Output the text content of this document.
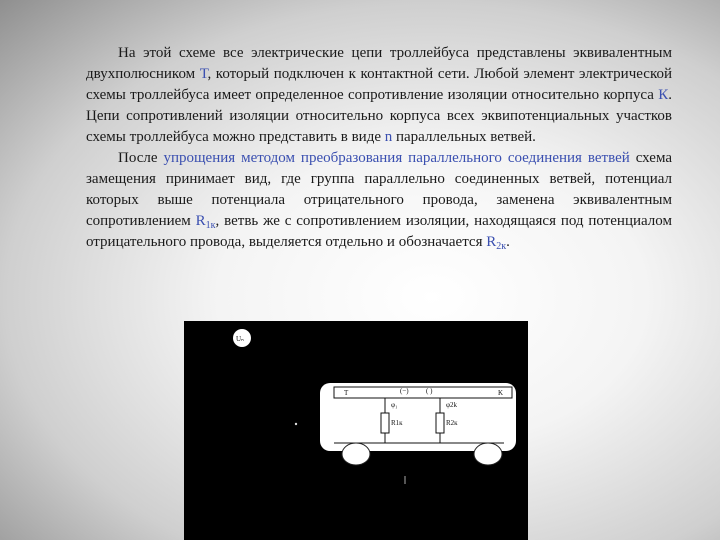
На этой схеме все электрические цепи троллейбуса представлены эквивалентным двухполюсником Т, который подключен к контактной сети. Любой элемент электрической схемы троллейбуса имеет определенное сопротивление изоляции относительно корпуса К. Цепи сопротивлений изоляции относительно корпуса всех эквипотенциальных участков схемы троллейбуса можно представить в виде n параллельных ветвей.

После упрощения методом преобразования параллельного соединения ветвей схема замещения принимает вид, где группа параллельно соединенных ветвей, потенциал которых выше потенциала отрицательного провода, заменена эквивалентным сопротивлением $R_{1к}$, ветвь же с сопротивлением изоляции, находящаяся под потенциалом отрицательного провода, выделяется отдельно и обозначается $R_{2к}$.

Uₙ
T	(−) ( )	K
φ₁
R1к
φ2k
R2к
